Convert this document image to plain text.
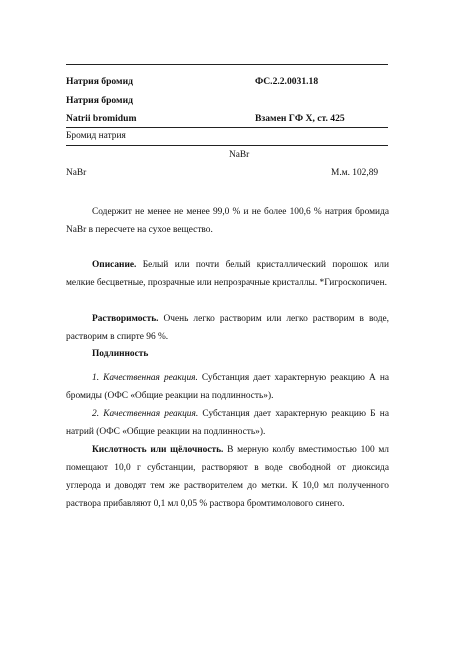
Натрия бромид	ФС.2.2.0031.18
Натрия бромид
Natrii bromidum	Взамен ГФ Х, ст. 425
Бромид натрия
NaBr
NaBr	М.м. 102,89
Содержит не менее не менее 99,0 % и не более 100,6 % натрия бромида NaBr в пересчете на сухое вещество.
Описание. Белый или почти белый кристаллический порошок или мелкие бесцветные, прозрачные или непрозрачные кристаллы. *Гигроскопичен.
Растворимость. Очень легко растворим или легко растворим в воде, растворим в спирте 96 %.
Подлинность
1. Качественная реакция. Субстанция дает характерную реакцию А на бромиды (ОФС «Общие реакции на подлинность»).
2. Качественная реакция. Субстанция дает характерную реакцию Б на натрий (ОФС «Общие реакции на подлинность»).
Кислотность или щёлочность. В мерную колбу вместимостью 100 мл помещают 10,0 г субстанции, растворяют в воде свободной от диоксида углерода и доводят тем же растворителем до метки. К 10,0 мл полученного раствора прибавляют 0,1 мл 0,05 % раствора бромтимолового синего.
